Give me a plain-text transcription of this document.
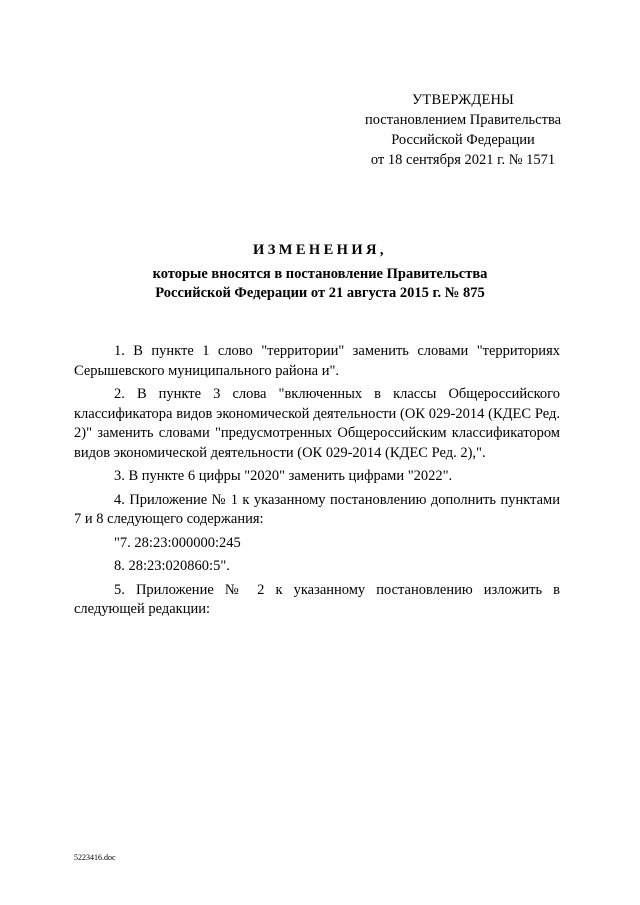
УТВЕРЖДЕНЫ
постановлением Правительства
Российской Федерации
от 18 сентября 2021 г. № 1571
ИЗМЕНЕНИЯ,
которые вносятся в постановление Правительства
Российской Федерации от 21 августа 2015 г. № 875

1. В пункте 1 слово "территории" заменить словами "территориях Серышевского муниципального района и".

2. В пункте 3 слова "включенных в классы Общероссийского классификатора видов экономической деятельности (ОК 029-2014 (КДЕС Ред. 2)" заменить словами "предусмотренных Общероссийским классификатором видов экономической деятельности (ОК 029-2014 (КДЕС Ред. 2),".

3. В пункте 6 цифры "2020" заменить цифрами "2022".

4. Приложение № 1 к указанному постановлению дополнить пунктами 7 и 8 следующего содержания:

"7. 28:23:000000:245
8. 28:23:020860:5".

5. Приложение № 2 к указанному постановлению изложить в следующей редакции:

5223416.doc
